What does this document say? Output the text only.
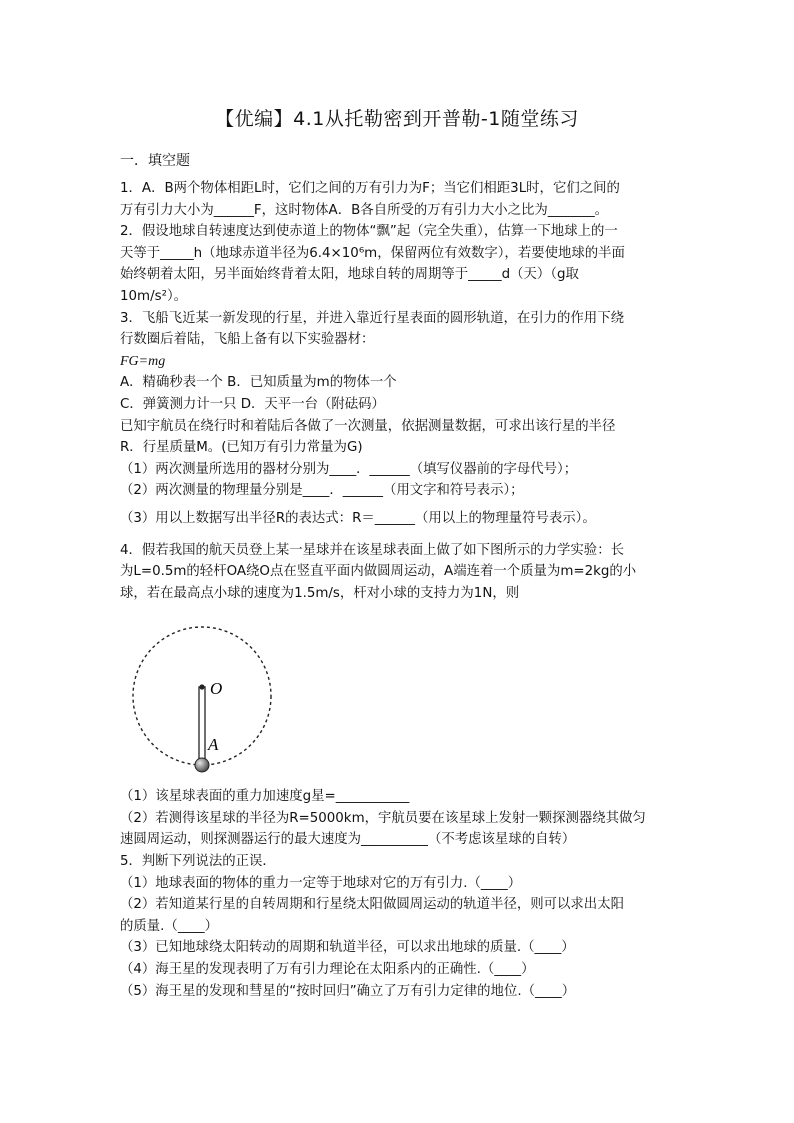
【优编】4.1从托勒密到开普勒-1随堂练习
一．填空题

1．A．B两个物体相距L时，它们之间的万有引力为F；当它们相距3L时，它们之间的

万有引力大小为______F，这时物体A．B各自所受的万有引力大小之比为_______。

2．假设地球自转速度达到使赤道上的物体“飘”起（完全失重），估算一下地球上的一

天等于_____h（地球赤道半径为6.4×10⁶m，保留两位有效数字），若要使地球的半面

始终朝着太阳，另半面始终背着太阳，地球自转的周期等于_____d（天）（g取

10m/s²）。

3．飞船飞近某一新发现的行星，并进入靠近行星表面的圆形轨道，在引力的作用下绕

行数圈后着陆，飞船上备有以下实验器材：

FG=mg

A．精确秒表一个 B．已知质量为m的物体一个

C．弹簧测力计一只 D．天平一台（附砝码）

已知宇航员在绕行时和着陆后各做了一次测量，依据测量数据，可求出该行星的半径

R．行星质量M。(已知万有引力常量为G)

（1）两次测量所选用的器材分别为____．______（填写仪器前的字母代号）；

（2）两次测量的物理量分别是____．______（用文字和符号表示）；

（3）用以上数据写出半径R的表达式：R＝______（用以上的物理量符号表示）。

4．假若我国的航天员登上某一星球并在该星球表面上做了如下图所示的力学实验：长

为L=0.5m的轻杆OA绕O点在竖直平面内做圆周运动，A端连着一个质量为m=2kg的小

球，若在最高点小球的速度为1.5m/s，杆对小球的支持力为1N，则

O
A

（1）该星球表面的重力加速度g星=___________

（2）若测得该星球的半径为R=5000km，宇航员要在该星球上发射一颗探测器绕其做匀

速圆周运动，则探测器运行的最大速度为__________（不考虑该星球的自转）

5．判断下列说法的正误．

（1）地球表面的物体的重力一定等于地球对它的万有引力.（____）

（2）若知道某行星的自转周期和行星绕太阳做圆周运动的轨道半径，则可以求出太阳

的质量.（____）

（3）已知地球绕太阳转动的周期和轨道半径，可以求出地球的质量.（____）

（4）海王星的发现表明了万有引力理论在太阳系内的正确性.（____）

（5）海王星的发现和彗星的“按时回归”确立了万有引力定律的地位.（____）
